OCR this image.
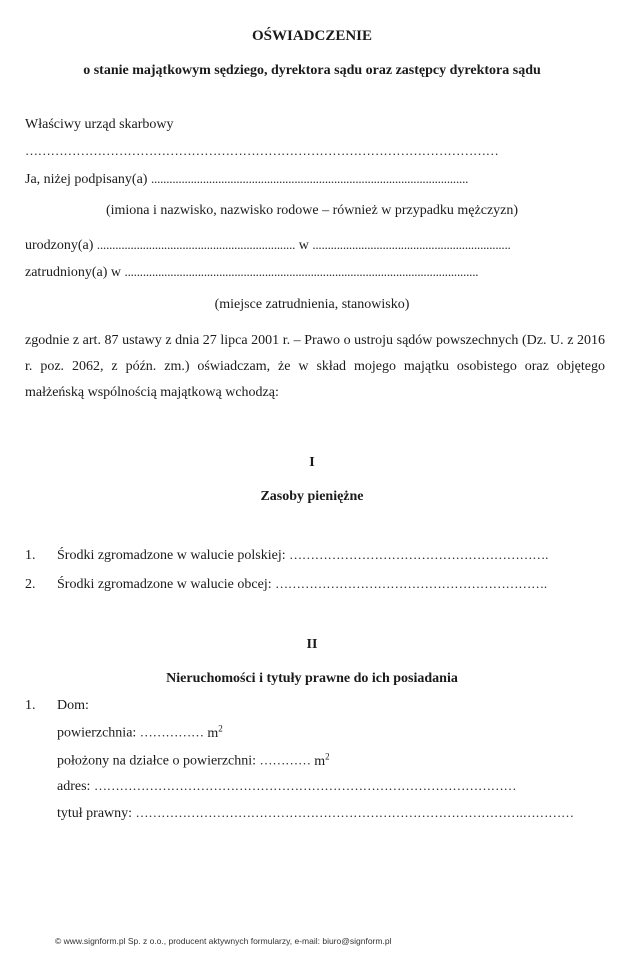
OŚWIADCZENIE
o stanie majątkowym sędziego, dyrektora sądu oraz zastępcy dyrektora sądu
Właściwy urząd skarbowy
…………………………………………………………………………………………………
Ja, niżej podpisany(a) ........................................................................................................
(imiona i nazwisko, nazwisko rodowe – również w przypadku mężczyzn)
urodzony(a) ................................................................. w .................................................................
zatrudniony(a) w ....................................................................................................................
(miejsce zatrudnienia, stanowisko)
zgodnie z art. 87 ustawy z dnia 27 lipca 2001 r. – Prawo o ustroju sądów powszechnych (Dz. U. z 2016 r. poz. 2062, z późn. zm.) oświadczam, że w skład mojego majątku osobistego oraz objętego małżeńską wspólnością majątkową wchodzą:
I
Zasoby pieniężne
1. Środki zgromadzone w walucie polskiej: …………………………………………………….
2. Środki zgromadzone w walucie obcej: ……………………………………………………….
II
Nieruchomości i tytuły prawne do ich posiadania
1. Dom:
powierzchnia: …………… $m^2$
położony na działce o powierzchni: ………… $m^2$
adres: ………………………………………………………………………………………
tytuł prawny: ……………………………………………………………………………….…………
© www.signform.pl Sp. z o.o., producent aktywnych formularzy, e-mail: biuro@signform.pl
